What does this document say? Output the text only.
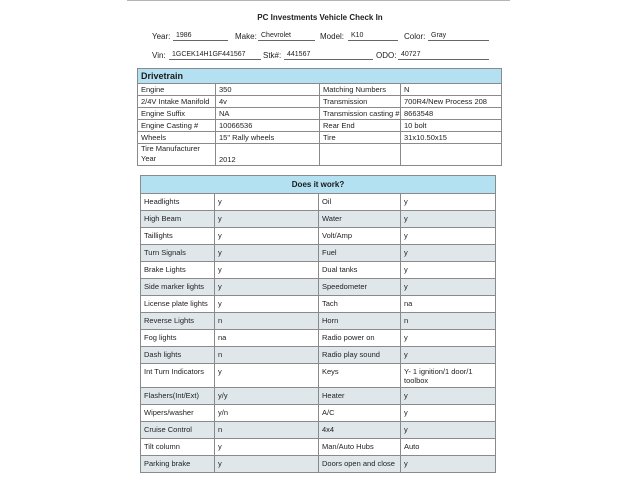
PC Investments Vehicle Check In
Year: 1986	Make: Chevrolet	Model: K10	Color: Gray
Vin: 1GCEK14H1GF441567	Stk#: 441567	ODO: 40727
Drivetrain			
Engine	350	Matching Numbers	N
2/4V Intake Manifold	4v	Transmission	700R4/New Process 208
Engine Suffix	NA	Transmission casting #	8663548
Engine Casting #	10066536	Rear End	10 bolt
Wheels	15" Rally wheels	Tire	31x10.50x15
Tire Manufacturer Year	2012		
Does it work?			
Headlights	y	Oil	y
High Beam	y	Water	y
Taillights	y	Volt/Amp	y
Turn Signals	y	Fuel	y
Brake Lights	y	Dual tanks	y
Side marker lights	y	Speedometer	y
License plate lights	y	Tach	na
Reverse Lights	n	Horn	n
Fog lights	na	Radio power on	y
Dash lights	n	Radio play sound	y
Int Turn Indicators	y	Keys	Y- 1 ignition/1 door/1 toolbox
Flashers(Int/Ext)	y/y	Heater	y
Wipers/washer	y/n	A/C	y
Cruise Control	n	4x4	y
Tilt column	y	Man/Auto Hubs	Auto
Parking brake	y	Doors open and close	y
